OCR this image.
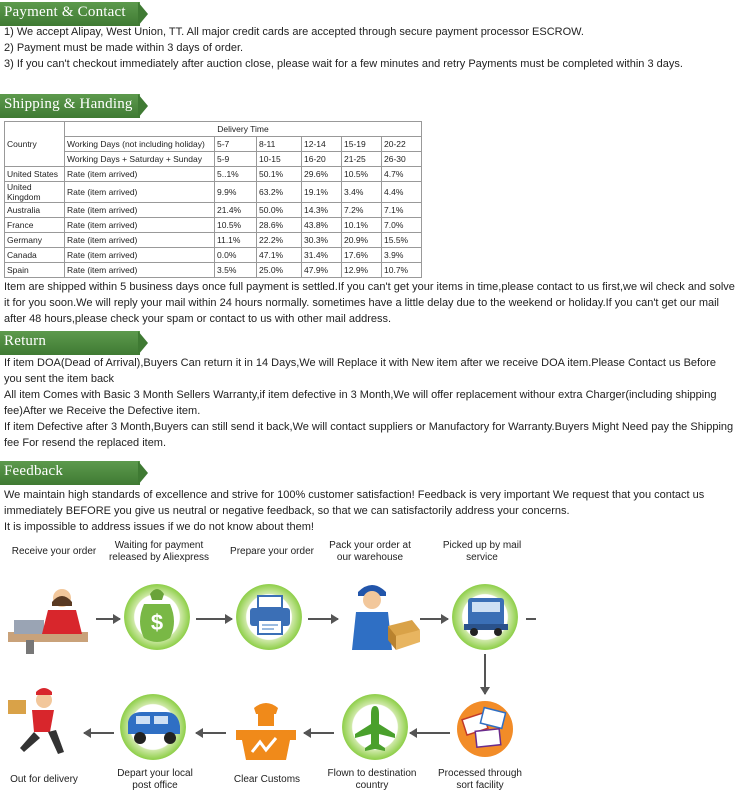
Payment & Contact

1) We accept Alipay, West Union, TT. All major credit cards are accepted through secure payment processor ESCROW.

2) Payment must be made within 3 days of order.

3) If you can't checkout immediately after auction close, please wait for a few minutes and retry Payments must be completed within 3 days.

Shipping & Handing
Country	Delivery Time					
	Working Days (not including holiday)	5-7	8-11	12-14	15-19	20-22
	Working Days + Saturday + Sunday	5-9	10-15	16-20	21-25	26-30
United States	Rate (item arrived)	5..1%	50.1%	29.6%	10.5%	4.7%
United Kingdom	Rate (item arrived)	9.9%	63.2%	19.1%	3.4%	4.4%
Australia	Rate (item arrived)	21.4%	50.0%	14.3%	7.2%	7.1%
France	Rate (item arrived)	10.5%	28.6%	43.8%	10.1%	7.0%
Germany	Rate (item arrived)	11.1%	22.2%	30.3%	20.9%	15.5%
Canada	Rate (item arrived)	0.0%	47.1%	31.4%	17.6%	3.9%
Spain	Rate (item arrived)	3.5%	25.0%	47.9%	12.9%	10.7%
Item are shipped within 5 business days once full payment is settled.If you can't get your items in time,please contact to us first,we wil check and solve it for you soon.We will reply your mail within 24 hours normally. sometimes have a little delay due to the weekend or holiday.If you can't get our mail after 48 hours,please check your spam or contact to us with other mail address.
Return

If item DOA(Dead of Arrival),Buyers Can return it in 14 Days,We will Replace it with New item after we receive DOA item.Please Contact us Before you sent the item back

All item Comes with Basic 3 Month Sellers Warranty,if item defective in 3 Month,We will offer replacement withour extra Charger(including shipping fee)After we Receive the Defective item.

If item Defective after 3 Month,Buyers can still send it back,We will contact suppliers or Manufactory for Warranty.Buyers Might Need pay the Shipping fee For resend the replaced item.

Feedback

We maintain high standards of excellence and strive for 100% customer satisfaction! Feedback is very important We request that you contact us immediately BEFORE you give us neutral or negative feedback, so that we can satisfactorily address your concerns.

It is impossible to address issues if we do not know about them!

Receive your order
Waiting for payment released by Aliexpress
Prepare your order
Pack your order at our warehouse
Picked up by mail service
$
Out for delivery
Depart your local post office
Clear Customs
Flown to destination country
Processed through sort facility
